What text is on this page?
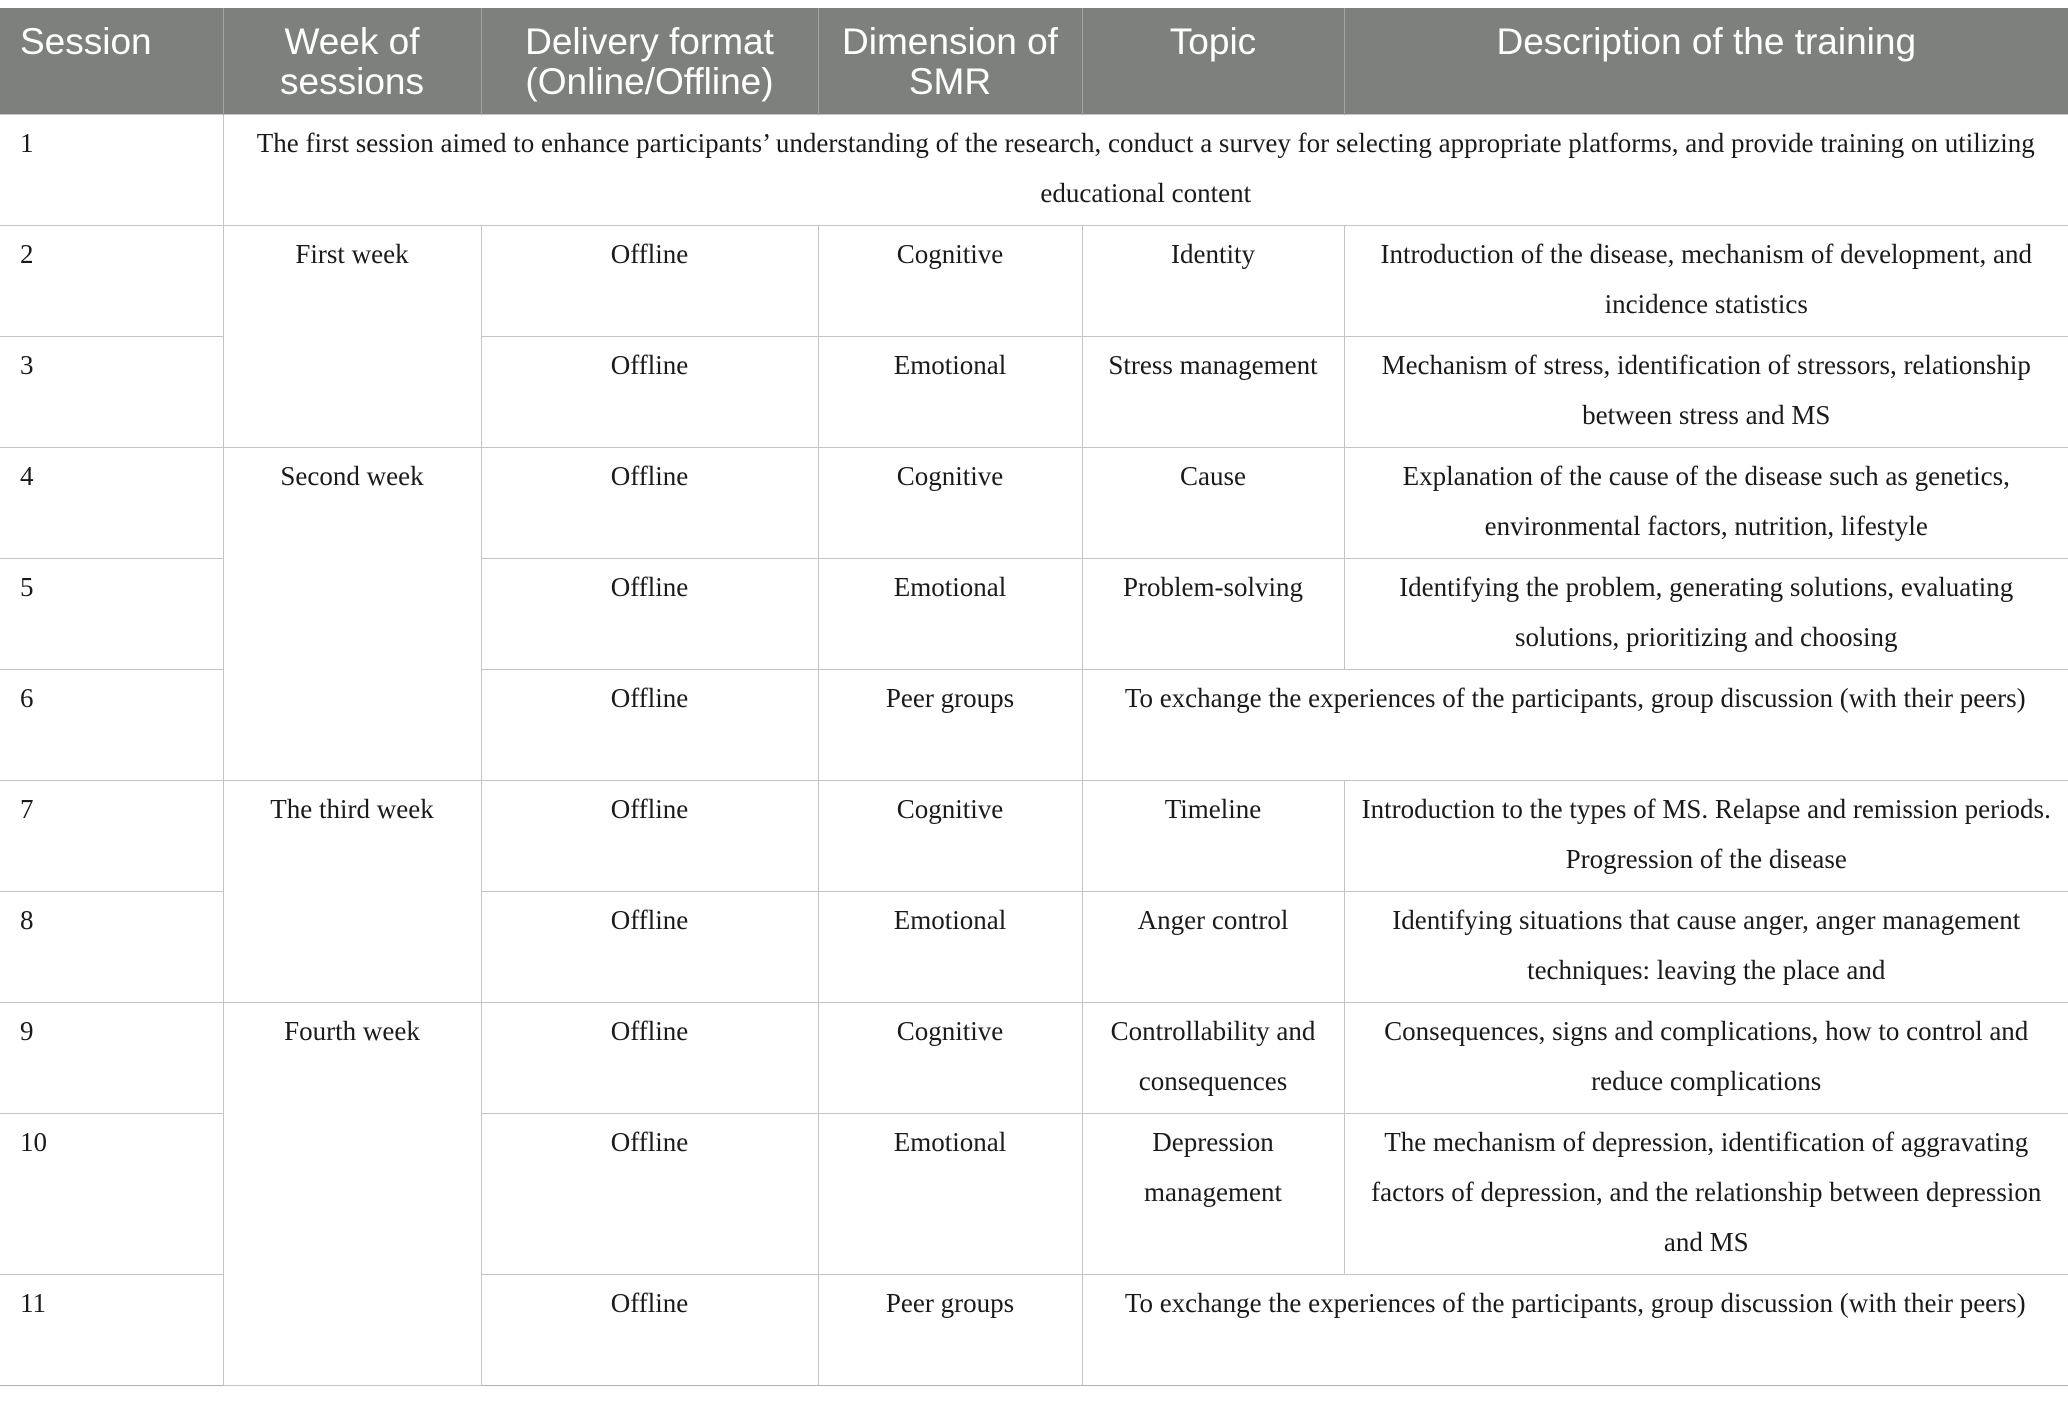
Session	Week of sessions	Delivery format (Online/Offline)	Dimension of SMR	Topic	Description of the training
1	The first session aimed to enhance participants’ understanding of the research, conduct a survey for selecting appropriate platforms, and provide training on utilizing educational content				
2	First week	Offline	Cognitive	Identity	Introduction of the disease, mechanism of development, and incidence statistics
3		Offline	Emotional	Stress management	Mechanism of stress, identification of stressors, relationship between stress and MS
4	Second week	Offline	Cognitive	Cause	Explanation of the cause of the disease such as genetics, environmental factors, nutrition, lifestyle
5		Offline	Emotional	Problem-solving	Identifying the problem, generating solutions, evaluating solutions, prioritizing and choosing
6		Offline	Peer groups	To exchange the experiences of the participants, group discussion (with their peers)	
7	The third week	Offline	Cognitive	Timeline	Introduction to the types of MS. Relapse and remission periods. Progression of the disease
8		Offline	Emotional	Anger control	Identifying situations that cause anger, anger management techniques: leaving the place and
9	Fourth week	Offline	Cognitive	Controllability and consequences	Consequences, signs and complications, how to control and reduce complications
10		Offline	Emotional	Depression management	The mechanism of depression, identification of aggravating factors of depression, and the relationship between depression and MS
11		Offline	Peer groups	To exchange the experiences of the participants, group discussion (with their peers)	
